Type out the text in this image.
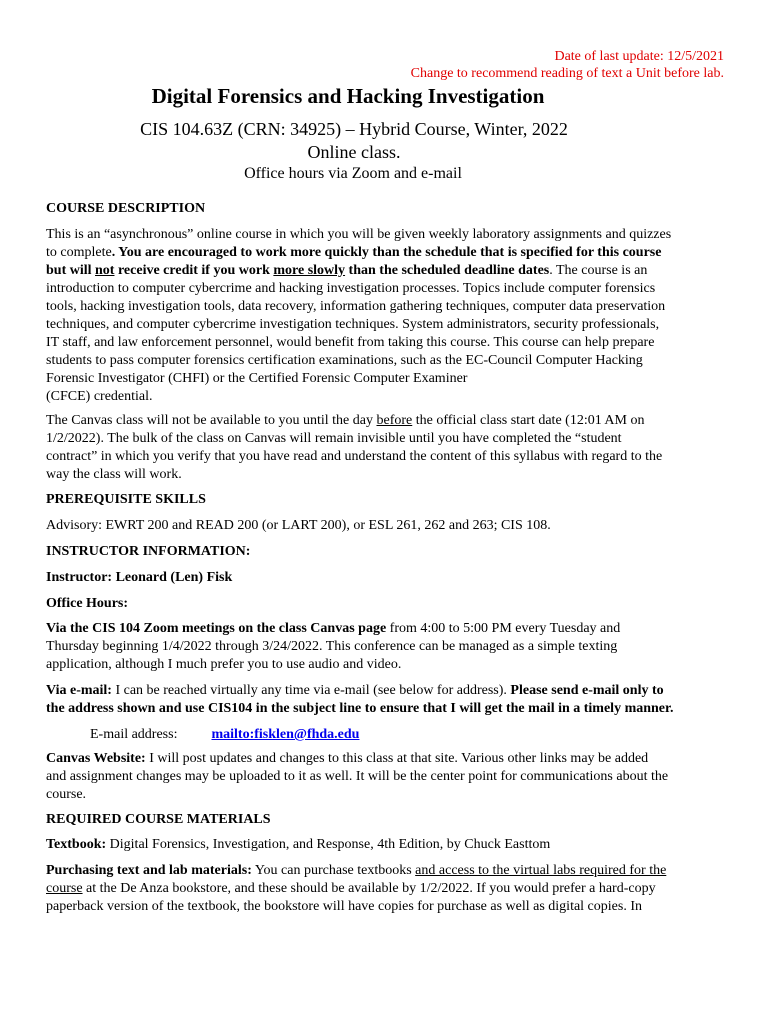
Date of last update: 12/5/2021
Change to recommend reading of text a Unit before lab.
Digital Forensics and Hacking Investigation
CIS 104.63Z (CRN: 34925) – Hybrid Course, Winter, 2022
Online class.
Office hours via Zoom and e-mail
COURSE DESCRIPTION
This is an “asynchronous” online course in which you will be given weekly laboratory assignments and quizzes
to complete. You are encouraged to work more quickly than the schedule that is specified for this course
but will not receive credit if you work more slowly than the scheduled deadline dates. The course is an
introduction to computer cybercrime and hacking investigation processes. Topics include computer forensics
tools, hacking investigation tools, data recovery, information gathering techniques, computer data preservation
techniques, and computer cybercrime investigation techniques. System administrators, security professionals,
IT staff, and law enforcement personnel, would benefit from taking this course. This course can help prepare
students to pass computer forensics certification examinations, such as the EC-Council Computer Hacking
Forensic Investigator (CHFI) or the Certified Forensic Computer Examiner
(CFCE) credential.
The Canvas class will not be available to you until the day before the official class start date (12:01 AM on
1/2/2022). The bulk of the class on Canvas will remain invisible until you have completed the “student
contract” in which you verify that you have read and understand the content of this syllabus with regard to the
way the class will work.
PREREQUISITE SKILLS
Advisory: EWRT 200 and READ 200 (or LART 200), or ESL 261, 262 and 263; CIS 108.
INSTRUCTOR INFORMATION:
Instructor: Leonard (Len) Fisk
Office Hours:
Via the CIS 104 Zoom meetings on the class Canvas page from 4:00 to 5:00 PM every Tuesday and
Thursday beginning 1/4/2022 through 3/24/2022. This conference can be managed as a simple texting
application, although I much prefer you to use audio and video.
Via e-mail: I can be reached virtually any time via e-mail (see below for address). Please send e-mail only to
the address shown and use CIS104 in the subject line to ensure that I will get the mail in a timely manner.
E-mail address: mailto:fisklen@fhda.edu
Canvas Website: I will post updates and changes to this class at that site. Various other links may be added
and assignment changes may be uploaded to it as well. It will be the center point for communications about the
course.
REQUIRED COURSE MATERIALS
Textbook: Digital Forensics, Investigation, and Response, 4th Edition, by Chuck Easttom
Purchasing text and lab materials: You can purchase textbooks and access to the virtual labs required for the
course at the De Anza bookstore, and these should be available by 1/2/2022. If you would prefer a hard-copy
paperback version of the textbook, the bookstore will have copies for purchase as well as digital copies. In
